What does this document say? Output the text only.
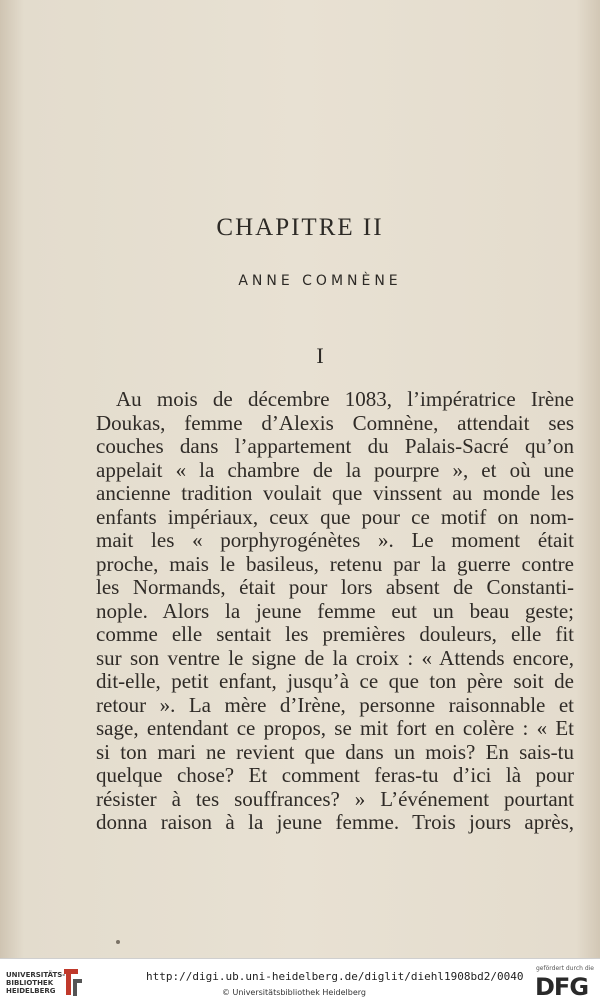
CHAPITRE II
ANNE COMNÈNE
I
Au mois de décembre 1083, l’impératrice Irène
Doukas, femme d’Alexis Comnène, attendait ses
couches dans l’appartement du Palais-Sacré qu’on
appelait « la chambre de la pourpre », et où une
ancienne tradition voulait que vinssent au monde les
enfants impériaux, ceux que pour ce motif on nom-
mait les « porphyrogénètes ». Le moment était
proche, mais le basileus, retenu par la guerre contre
les Normands, était pour lors absent de Constanti-
nople. Alors la jeune femme eut un beau geste;
comme elle sentait les premières douleurs, elle fit
sur son ventre le signe de la croix : « Attends encore,
dit-elle, petit enfant, jusqu’à ce que ton père soit de
retour ». La mère d’Irène, personne raisonnable et
sage, entendant ce propos, se mit fort en colère : « Et
si ton mari ne revient que dans un mois? En sais-tu
quelque chose? Et comment feras-tu d’ici là pour
résister à tes souffrances? » L’événement pourtant
donna raison à la jeune femme. Trois jours après,
UNIVERSITÄTS-
BIBLIOTHEK
HEIDELBERG
http://digi.ub.uni-heidelberg.de/diglit/diehl1908bd2/0040
© Universitätsbibliothek Heidelberg
gefördert durch die
DFG
